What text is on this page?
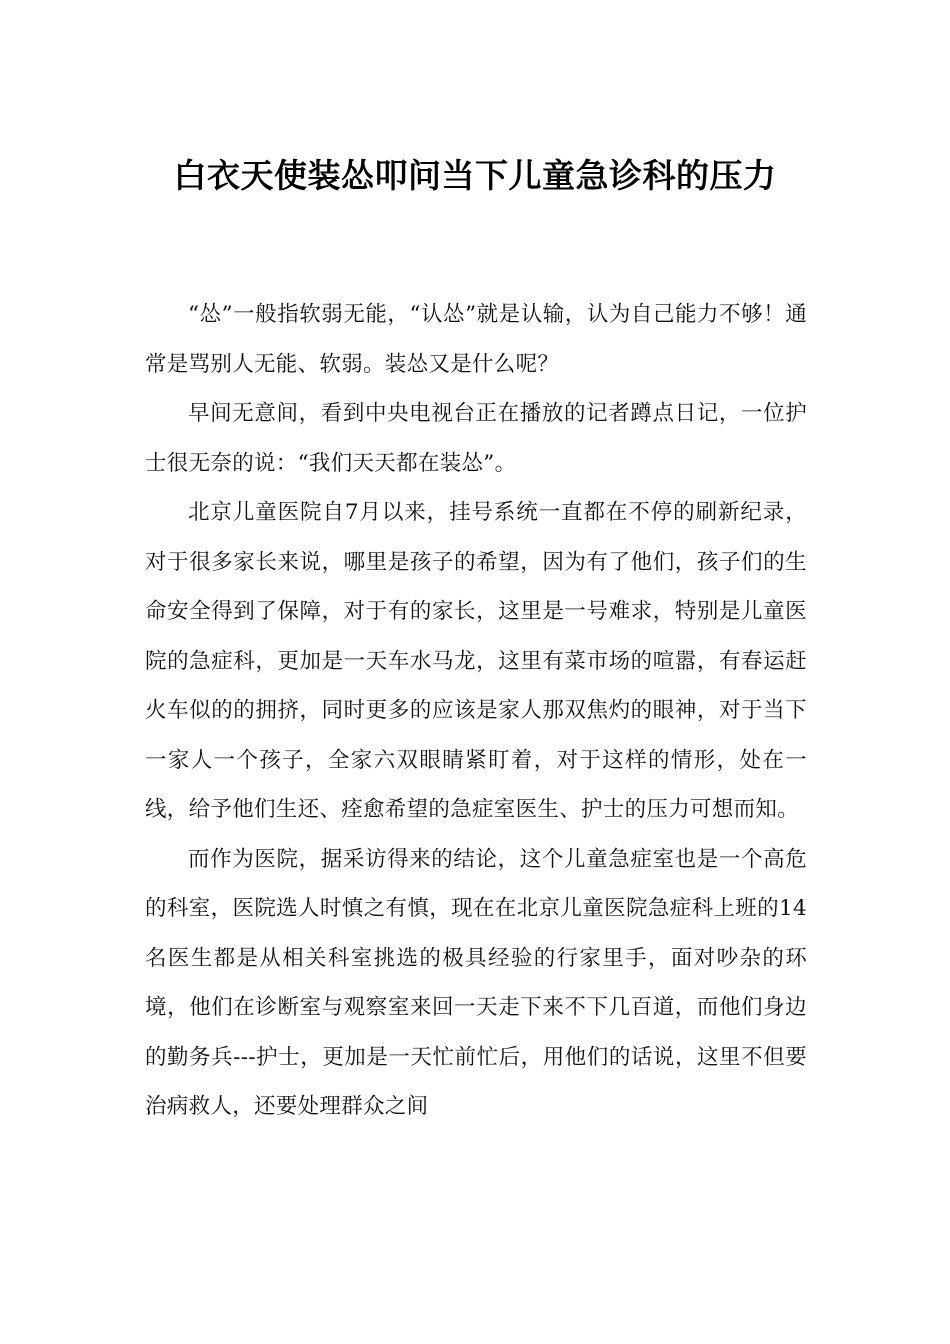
白衣天使装怂叩问当下儿童急诊科的压力

“怂”一般指软弱无能，“认怂”就是认输，认为自己能力不够！通常是骂别人无能、软弱。装怂又是什么呢？

早间无意间，看到中央电视台正在播放的记者蹲点日记，一位护士很无奈的说：“我们天天都在装怂”。

北京儿童医院自7月以来，挂号系统一直都在不停的刷新纪录，对于很多家长来说，哪里是孩子的希望，因为有了他们，孩子们的生命安全得到了保障，对于有的家长，这里是一号难求，特别是儿童医院的急症科，更加是一天车水马龙，这里有菜市场的喧嚣，有春运赶火车似的的拥挤，同时更多的应该是家人那双焦灼的眼神，对于当下一家人一个孩子，全家六双眼睛紧盯着，对于这样的情形，处在一线，给予他们生还、痊愈希望的急症室医生、护士的压力可想而知。

而作为医院，据采访得来的结论，这个儿童急症室也是一个高危的科室，医院选人时慎之有慎，现在在北京儿童医院急症科上班的14名医生都是从相关科室挑选的极具经验的行家里手，面对吵杂的环境，他们在诊断室与观察室来回一天走下来不下几百道，而他们身边的勤务兵---护士，更加是一天忙前忙后，用他们的话说，这里不但要治病救人，还要处理群众之间
